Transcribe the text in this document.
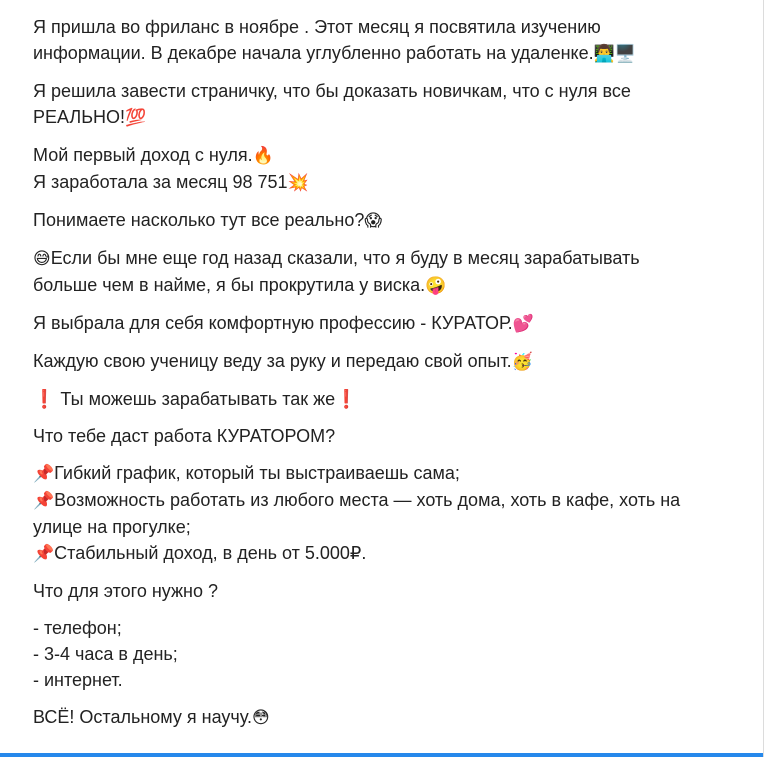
Я пришла во фриланс в ноябре . Этот месяц я посвятила изучению
информации. В декабре начала углубленно работать на удаленке.👨‍💻🖥️
Я решила завести страничку, что бы доказать новичкам, что с нуля все
РЕАЛЬНО!💯
Мой первый доход с нуля.🔥
Я заработала за месяц 98 751💥
Понимаете насколько тут все реально?😱
😅Если бы мне еще год назад сказали, что я буду в месяц зарабатывать
больше чем в найме, я бы прокрутила у виска.🤪
Я выбрала для себя комфортную профессию - КУРАТОР.💕
Каждую свою ученицу веду за руку и передаю свой опыт.🥳
❗ Ты можешь зарабатывать так же❗
Что тебе даст работа КУРАТОРОМ?
📌Гибкий график, который ты выстраиваешь сама;
📌Возможность работать из любого места — хоть дома, хоть в кафе, хоть на
улице на прогулке;
📌Стабильный доход, в день от 5.000₽.
Что для этого нужно ?
- телефон;
- 3-4 часа в день;
- интернет.
ВСЁ! Остальному я научу.😳
